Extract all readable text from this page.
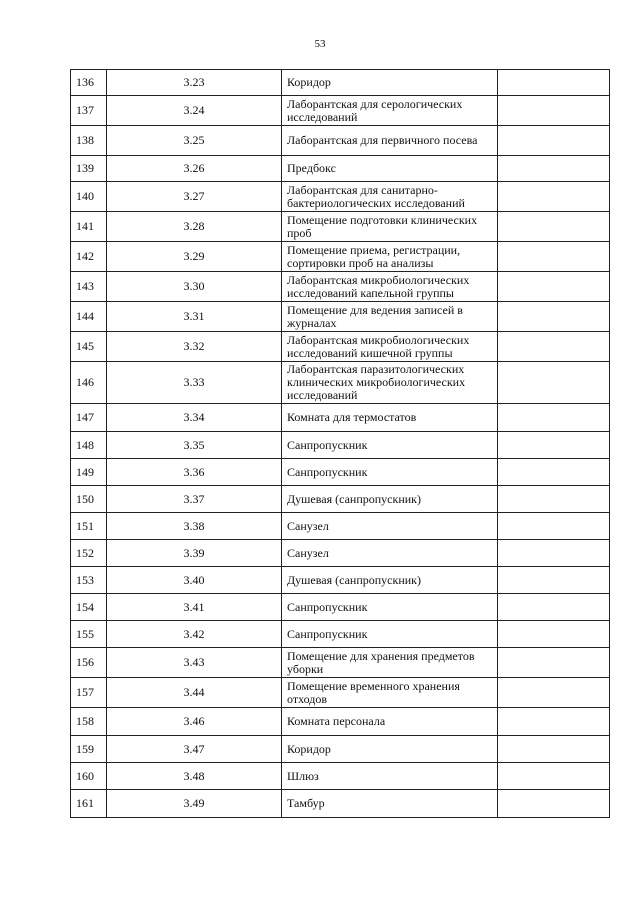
53
136	3.23	Коридор	
137	3.24	Лаборантская для серологических исследований	
138	3.25	Лаборантская для первичного посева	
139	3.26	Предбокс	
140	3.27	Лаборантская для санитарно-бактериологических исследований	
141	3.28	Помещение подготовки клинических проб	
142	3.29	Помещение приема, регистрации, сортировки проб на анализы	
143	3.30	Лаборантская микробиологических исследований капельной группы	
144	3.31	Помещение для ведения записей в журналах	
145	3.32	Лаборантская микробиологических исследований кишечной группы	
146	3.33	Лаборантская паразитологических клинических микробиологических исследований	
147	3.34	Комната для термостатов	
148	3.35	Санпропускник	
149	3.36	Санпропускник	
150	3.37	Душевая (санпропускник)	
151	3.38	Санузел	
152	3.39	Санузел	
153	3.40	Душевая (санпропускник)	
154	3.41	Санпропускник	
155	3.42	Санпропускник	
156	3.43	Помещение для хранения предметов уборки	
157	3.44	Помещение временного хранения отходов	
158	3.46	Комната персонала	
159	3.47	Коридор	
160	3.48	Шлюз	
161	3.49	Тамбур	
